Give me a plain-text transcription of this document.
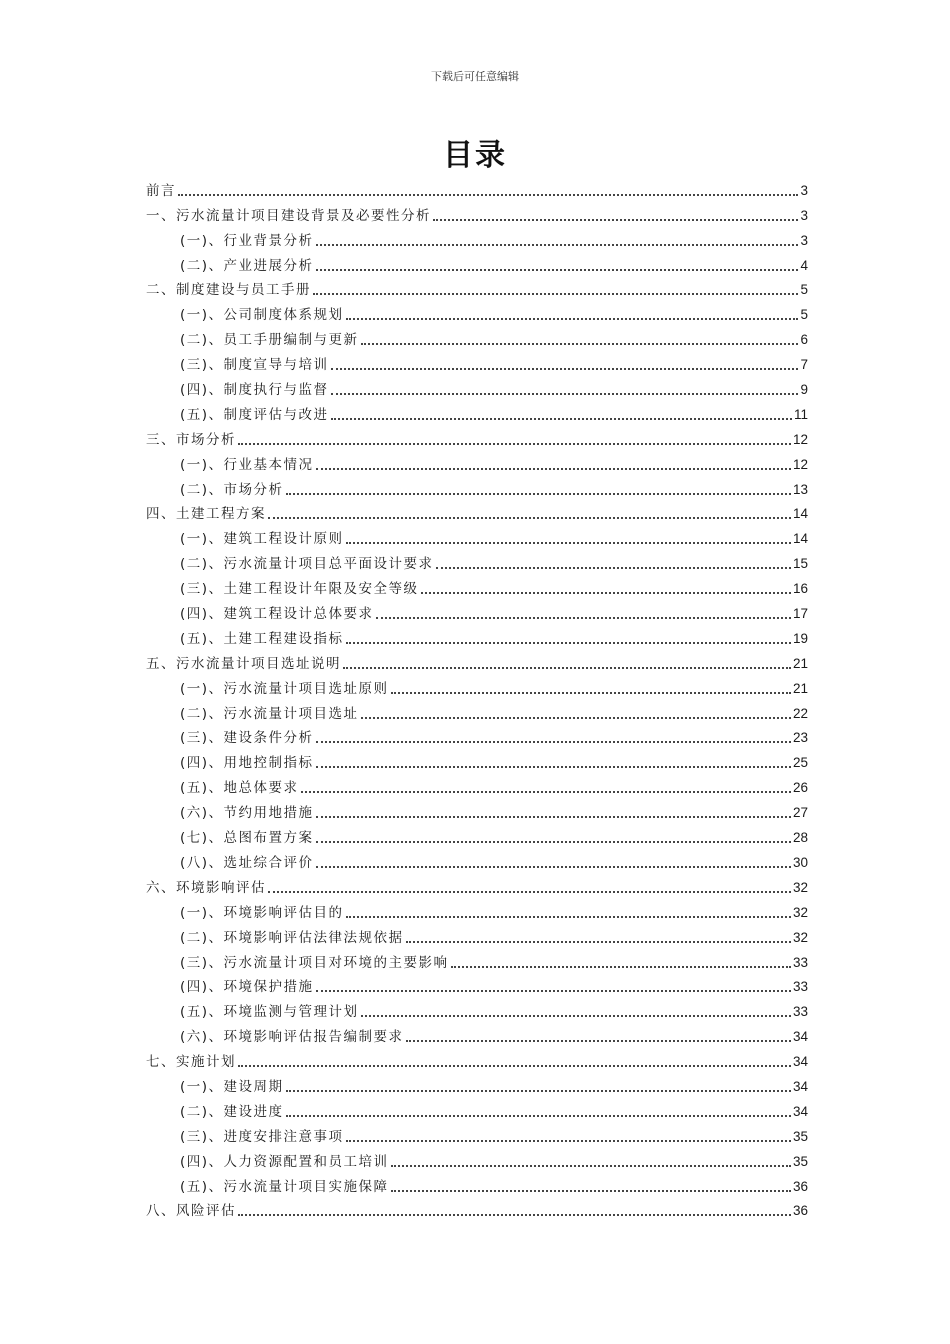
下载后可任意编辑
目录
前言	3
一、污水流量计项目建设背景及必要性分析	3
(一)、行业背景分析	3
(二)、产业进展分析	4
二、制度建设与员工手册	5
(一)、公司制度体系规划	5
(二)、员工手册编制与更新	6
(三)、制度宣导与培训	7
(四)、制度执行与监督	9
(五)、制度评估与改进	11
三、市场分析	12
(一)、行业基本情况	12
(二)、市场分析	13
四、土建工程方案	14
(一)、建筑工程设计原则	14
(二)、污水流量计项目总平面设计要求	15
(三)、土建工程设计年限及安全等级	16
(四)、建筑工程设计总体要求	17
(五)、土建工程建设指标	19
五、污水流量计项目选址说明	21
(一)、污水流量计项目选址原则	21
(二)、污水流量计项目选址	22
(三)、建设条件分析	23
(四)、用地控制指标	25
(五)、地总体要求	26
(六)、节约用地措施	27
(七)、总图布置方案	28
(八)、选址综合评价	30
六、环境影响评估	32
(一)、环境影响评估目的	32
(二)、环境影响评估法律法规依据	32
(三)、污水流量计项目对环境的主要影响	33
(四)、环境保护措施	33
(五)、环境监测与管理计划	33
(六)、环境影响评估报告编制要求	34
七、实施计划	34
(一)、建设周期	34
(二)、建设进度	34
(三)、进度安排注意事项	35
(四)、人力资源配置和员工培训	35
(五)、污水流量计项目实施保障	36
八、风险评估	36
